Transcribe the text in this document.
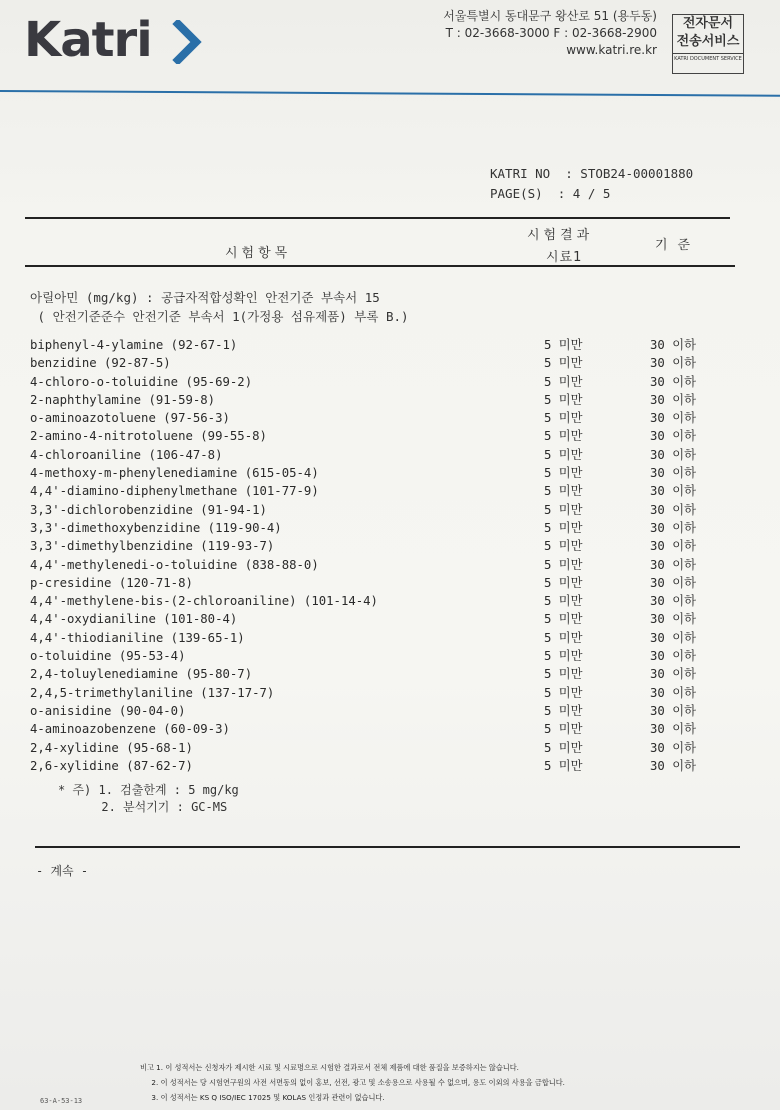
Katri	서울특별시 동대문구 왕산로 51 (용두동)
T : 02-3668-3000 F : 02-3668-2900
www.katri.re.kr
전자문서
전송서비스
KATRI DOCUMENT SERVICE
KATRI NO  : STOB24-00001880
PAGE(S)  : 4 / 5
시험항목
시험결과
시료1
기준
아릴아민 (mg/kg) : 공급자적합성확인 안전기준 부속서 15
( 안전기준준수 안전기준 부속서 1(가정용 섬유제품) 부록 B.)
biphenyl-4-ylamine (92-67-1)	5 미만	30 이하
benzidine (92-87-5)	5 미만	30 이하
4-chloro-o-toluidine (95-69-2)	5 미만	30 이하
2-naphthylamine (91-59-8)	5 미만	30 이하
o-aminoazotoluene (97-56-3)	5 미만	30 이하
2-amino-4-nitrotoluene (99-55-8)	5 미만	30 이하
4-chloroaniline (106-47-8)	5 미만	30 이하
4-methoxy-m-phenylenediamine (615-05-4)	5 미만	30 이하
4,4'-diamino-diphenylmethane (101-77-9)	5 미만	30 이하
3,3'-dichlorobenzidine (91-94-1)	5 미만	30 이하
3,3'-dimethoxybenzidine (119-90-4)	5 미만	30 이하
3,3'-dimethylbenzidine (119-93-7)	5 미만	30 이하
4,4'-methylenedi-o-toluidine (838-88-0)	5 미만	30 이하
p-cresidine (120-71-8)	5 미만	30 이하
4,4'-methylene-bis-(2-chloroaniline) (101-14-4)	5 미만	30 이하
4,4'-oxydianiline (101-80-4)	5 미만	30 이하
4,4'-thiodianiline (139-65-1)	5 미만	30 이하
o-toluidine (95-53-4)	5 미만	30 이하
2,4-toluylenediamine (95-80-7)	5 미만	30 이하
2,4,5-trimethylaniline (137-17-7)	5 미만	30 이하
o-anisidine (90-04-0)	5 미만	30 이하
4-aminoazobenzene (60-09-3)	5 미만	30 이하
2,4-xylidine (95-68-1)	5 미만	30 이하
2,6-xylidine (87-62-7)	5 미만	30 이하
* 주) 1. 검출한계 : 5 mg/kg
2. 분석기기 : GC-MS
- 계속 -
비고 1. 이 성적서는 신청자가 제시한 시료 및 시료명으로 시험한 결과로서 전체 제품에 대한 품질을 보증하지는 않습니다.
2. 이 성적서는 당 시험연구원의 사전 서면동의 없이 홍보, 선전, 광고 및 소송용으로 사용될 수 없으며, 용도 이외의 사용을 금합니다.
3. 이 성적서는 KS Q ISO/IEC 17025 및 KOLAS 인정과 관련이 없습니다.
63-A-53-13
